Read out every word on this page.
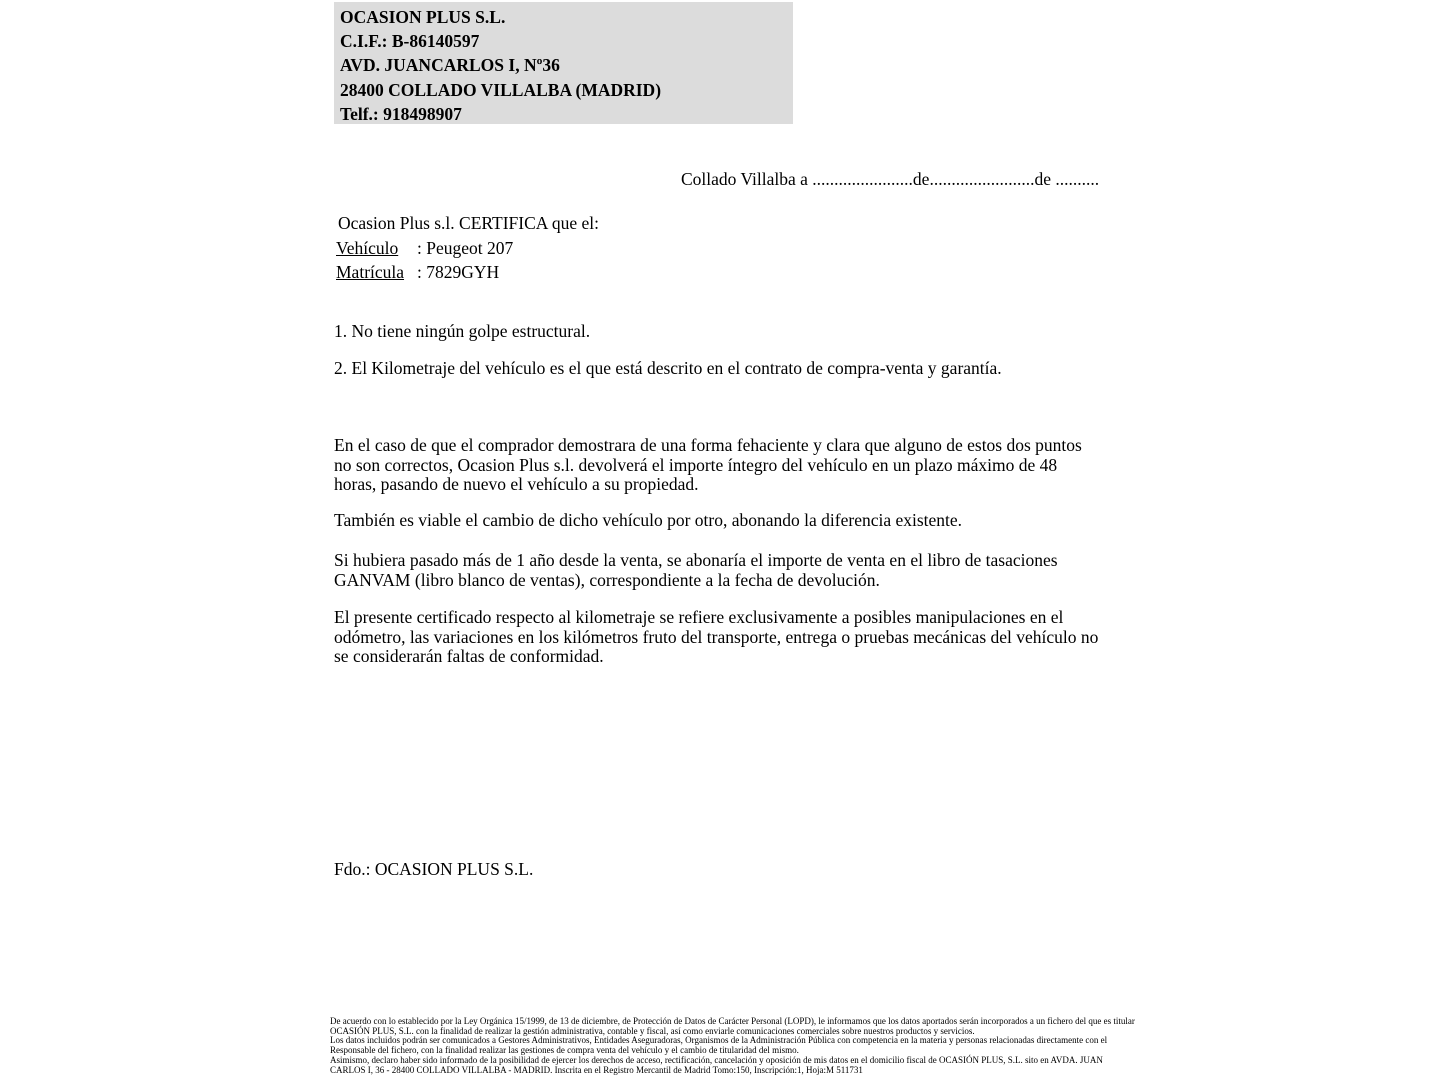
OCASION PLUS S.L.
C.I.F.: B-86140597
AVD. JUANCARLOS I, Nº36
28400 COLLADO VILLALBA (MADRID)
Telf.: 918498907
Collado Villalba a .......................de........................de ..........
Ocasion Plus s.l. CERTIFICA que el:
Vehículo : Peugeot 207
Matrícula : 7829GYH
1. No tiene ningún golpe estructural.
2. El Kilometraje del vehículo es el que está descrito en el contrato de compra-venta y garantía.
En el caso de que el comprador demostrara de una forma fehaciente y clara que alguno de estos dos puntos no son correctos, Ocasion Plus s.l. devolverá el importe íntegro del vehículo en un plazo máximo de 48 horas, pasando de nuevo el vehículo a su propiedad.
También es viable el cambio de dicho vehículo por otro, abonando la diferencia existente.
Si hubiera pasado más de 1 año desde la venta, se abonaría el importe de venta en el libro de tasaciones GANVAM (libro blanco de ventas), correspondiente a la fecha de devolución.
El presente certificado respecto al kilometraje se refiere exclusivamente a posibles manipulaciones en el odómetro, las variaciones en los kilómetros fruto del transporte, entrega o pruebas mecánicas del vehículo no se considerarán faltas de conformidad.
Fdo.: OCASION PLUS S.L.
De acuerdo con lo establecido por la Ley Orgánica 15/1999, de 13 de diciembre, de Protección de Datos de Carácter Personal (LOPD), le informamos que los datos aportados serán incorporados a un fichero del que es titular
OCASIÓN PLUS, S.L. con la finalidad de realizar la gestión administrativa, contable y fiscal, así como enviarle comunicaciones comerciales sobre nuestros productos y servicios.
Los datos incluidos podrán ser comunicados a Gestores Administrativos, Entidades Aseguradoras, Organismos de la Administración Pública con competencia en la materia y personas relacionadas directamente con el
Responsable del fichero, con la finalidad realizar las gestiones de compra venta del vehículo y el cambio de titularidad del mismo.
Asimismo, declaro haber sido informado de la posibilidad de ejercer los derechos de acceso, rectificación, cancelación y oposición de mis datos en el domicilio fiscal de OCASIÓN PLUS, S.L. sito en AVDA. JUAN
CARLOS I, 36 - 28400 COLLADO VILLALBA - MADRID. Inscrita en el Registro Mercantil de Madrid Tomo:150, Inscripción:1, Hoja:M 511731
